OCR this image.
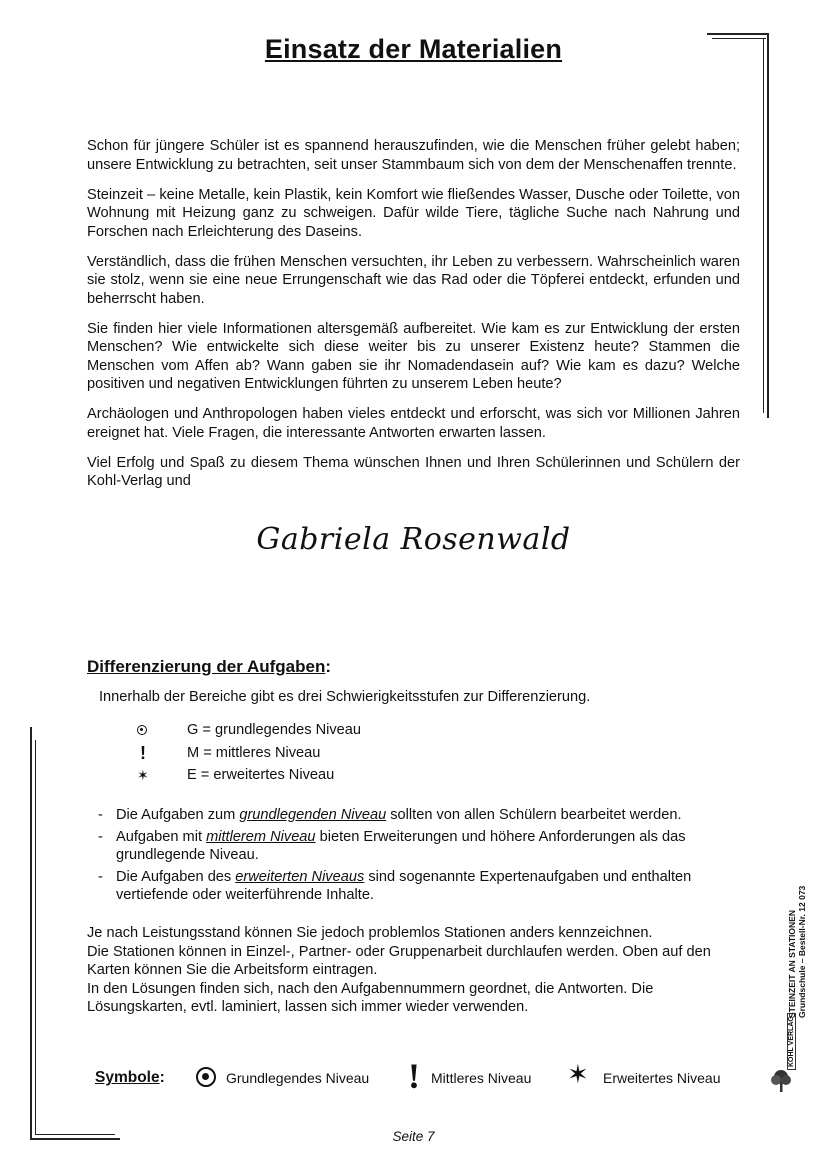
Einsatz der Materialien

Schon für jüngere Schüler ist es spannend herauszufinden, wie die Menschen früher gelebt haben; unsere Entwicklung zu betrachten, seit unser Stammbaum sich von dem der Menschenaffen trennte.

Steinzeit – keine Metalle, kein Plastik, kein Komfort wie fließendes Wasser, Dusche oder Toilette, von Wohnung mit Heizung ganz zu schweigen. Dafür wilde Tiere, tägliche Suche nach Nahrung und Forschen nach Erleichterung des Daseins.

Verständlich, dass die frühen Menschen versuchten, ihr Leben zu verbessern. Wahrscheinlich waren sie stolz, wenn sie eine neue Errungenschaft wie das Rad oder die Töpferei entdeckt, erfunden und beherrscht haben.

Sie finden hier viele Informationen altersgemäß aufbereitet. Wie kam es zur Entwicklung der ersten Menschen? Wie entwickelte sich diese weiter bis zu unserer Existenz heute? Stammen die Menschen vom Affen ab? Wann gaben sie ihr Nomadendasein auf? Wie kam es dazu? Welche positiven und negativen Entwicklungen führten zu unserem Leben heute?

Archäologen und Anthropologen haben vieles entdeckt und erforscht, was sich vor Millionen Jahren ereignet hat. Viele Fragen, die interessante Antworten erwarten lassen.

Viel Erfolg und Spaß zu diesem Thema wünschen Ihnen und Ihren Schülerinnen und Schülern der Kohl-Verlag und

Gabriela Rosenwald
Differenzierung der Aufgaben:
Innerhalb der Bereiche gibt es drei Schwierigkeitsstufen zur Differenzierung.
G = grundlegendes Niveau
!	M = mittleres Niveau
✶	E = erweitertes Niveau
- Die Aufgaben zum grundlegenden Niveau sollten von allen Schülern bearbeitet werden.
- Aufgaben mit mittlerem Niveau bieten Erweiterungen und höhere Anforderungen als das grundlegende Niveau.
- Die Aufgaben des erweiterten Niveaus sind sogenannte Expertenaufgaben und enthalten vertiefende oder weiterführende Inhalte.
Je nach Leistungsstand können Sie jedoch problemlos Stationen anders kennzeichnen.
Die Stationen können in Einzel-, Partner- oder Gruppenarbeit durchlaufen werden. Oben auf den
Karten können Sie die Arbeitsform eintragen.
In den Lösungen finden sich, nach den Aufgabennummern geordnet, die Antworten. Die
Lösungskarten, evtl. laminiert, lassen sich immer wieder verwenden.
Symbole:	Grundlegendes Niveau ! Mittleres Niveau ✶ Erweitertes Niveau
STEINZEIT AN STATIONEN Grundschule – Bestell-Nr. 12 073
KOHL VERLAG
Seite 7
